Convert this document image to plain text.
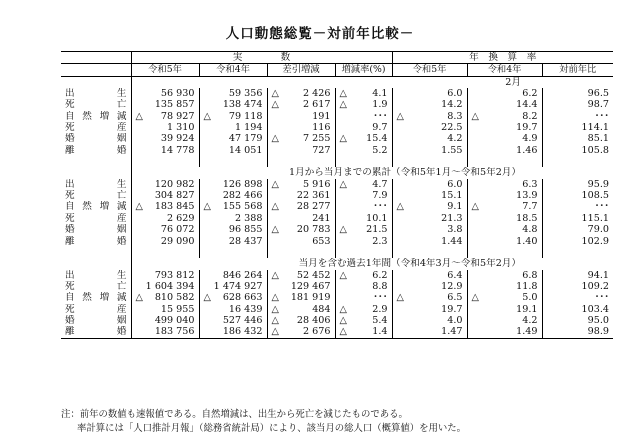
人口動態総覧－対前年比較－
	実　　　　数				年　換　算　率		
	令和5年	令和4年	差引増減	増減率(%)	令和5年	令和4年	対前年比
	2月						

出 生	56 930	59 356	△ 2 426	△ 4.1	6.0	6.2	96.5

死 亡	135 857	138 474	△ 2 617	△ 1.9	14.2	14.4	98.7

自 然 増 減	△ 78 927	△ 79 118	191	･･･	△ 8.3	△ 8.2	･･･

死 産	1 310	1 194	116	9.7	22.5	19.7	114.1

婚 姻	39 924	47 179	△ 7 255	△ 15.4	4.2	4.9	85.1

離 婚	14 778	14 051	727	5.2	1.55	1.46	105.8

	1月から当月までの累計（令和5年1月～令和5年2月）						

出 生	120 982	126 898	△ 5 916	△ 4.7	6.0	6.3	95.9

死 亡	304 827	282 466	22 361	7.9	15.1	13.9	108.5

自 然 増 減	△ 183 845	△ 155 568	△ 28 277	･･･	△ 9.1	△ 7.7	･･･

死 産	2 629	2 388	241	10.1	21.3	18.5	115.1

婚 姻	76 072	96 855	△ 20 783	△ 21.5	3.8	4.8	79.0

離 婚	29 090	28 437	653	2.3	1.44	1.40	102.9

	当月を含む過去1年間（令和4年3月～令和5年2月）						

出 生	793 812	846 264	△ 52 452	△ 6.2	6.4	6.8	94.1

死 亡	1 604 394	1 474 927	129 467	8.8	12.9	11.8	109.2

自 然 増 減	△ 810 582	△ 628 663	△ 181 919	･･･	△ 6.5	△ 5.0	･･･

死 産	15 955	16 439	△ 484	△ 2.9	19.7	19.1	103.4

婚 姻	499 040	527 446	△ 28 406	△ 5.4	4.0	4.2	95.0

離 婚	183 756	186 432	△ 2 676	△ 1.4	1.47	1.49	98.9
注：前年の数値も速報値である。自然増減は、出生から死亡を減じたものである。
率計算には「人口推計月報」（総務省統計局）により、該当月の総人口（概算値）を用いた。
